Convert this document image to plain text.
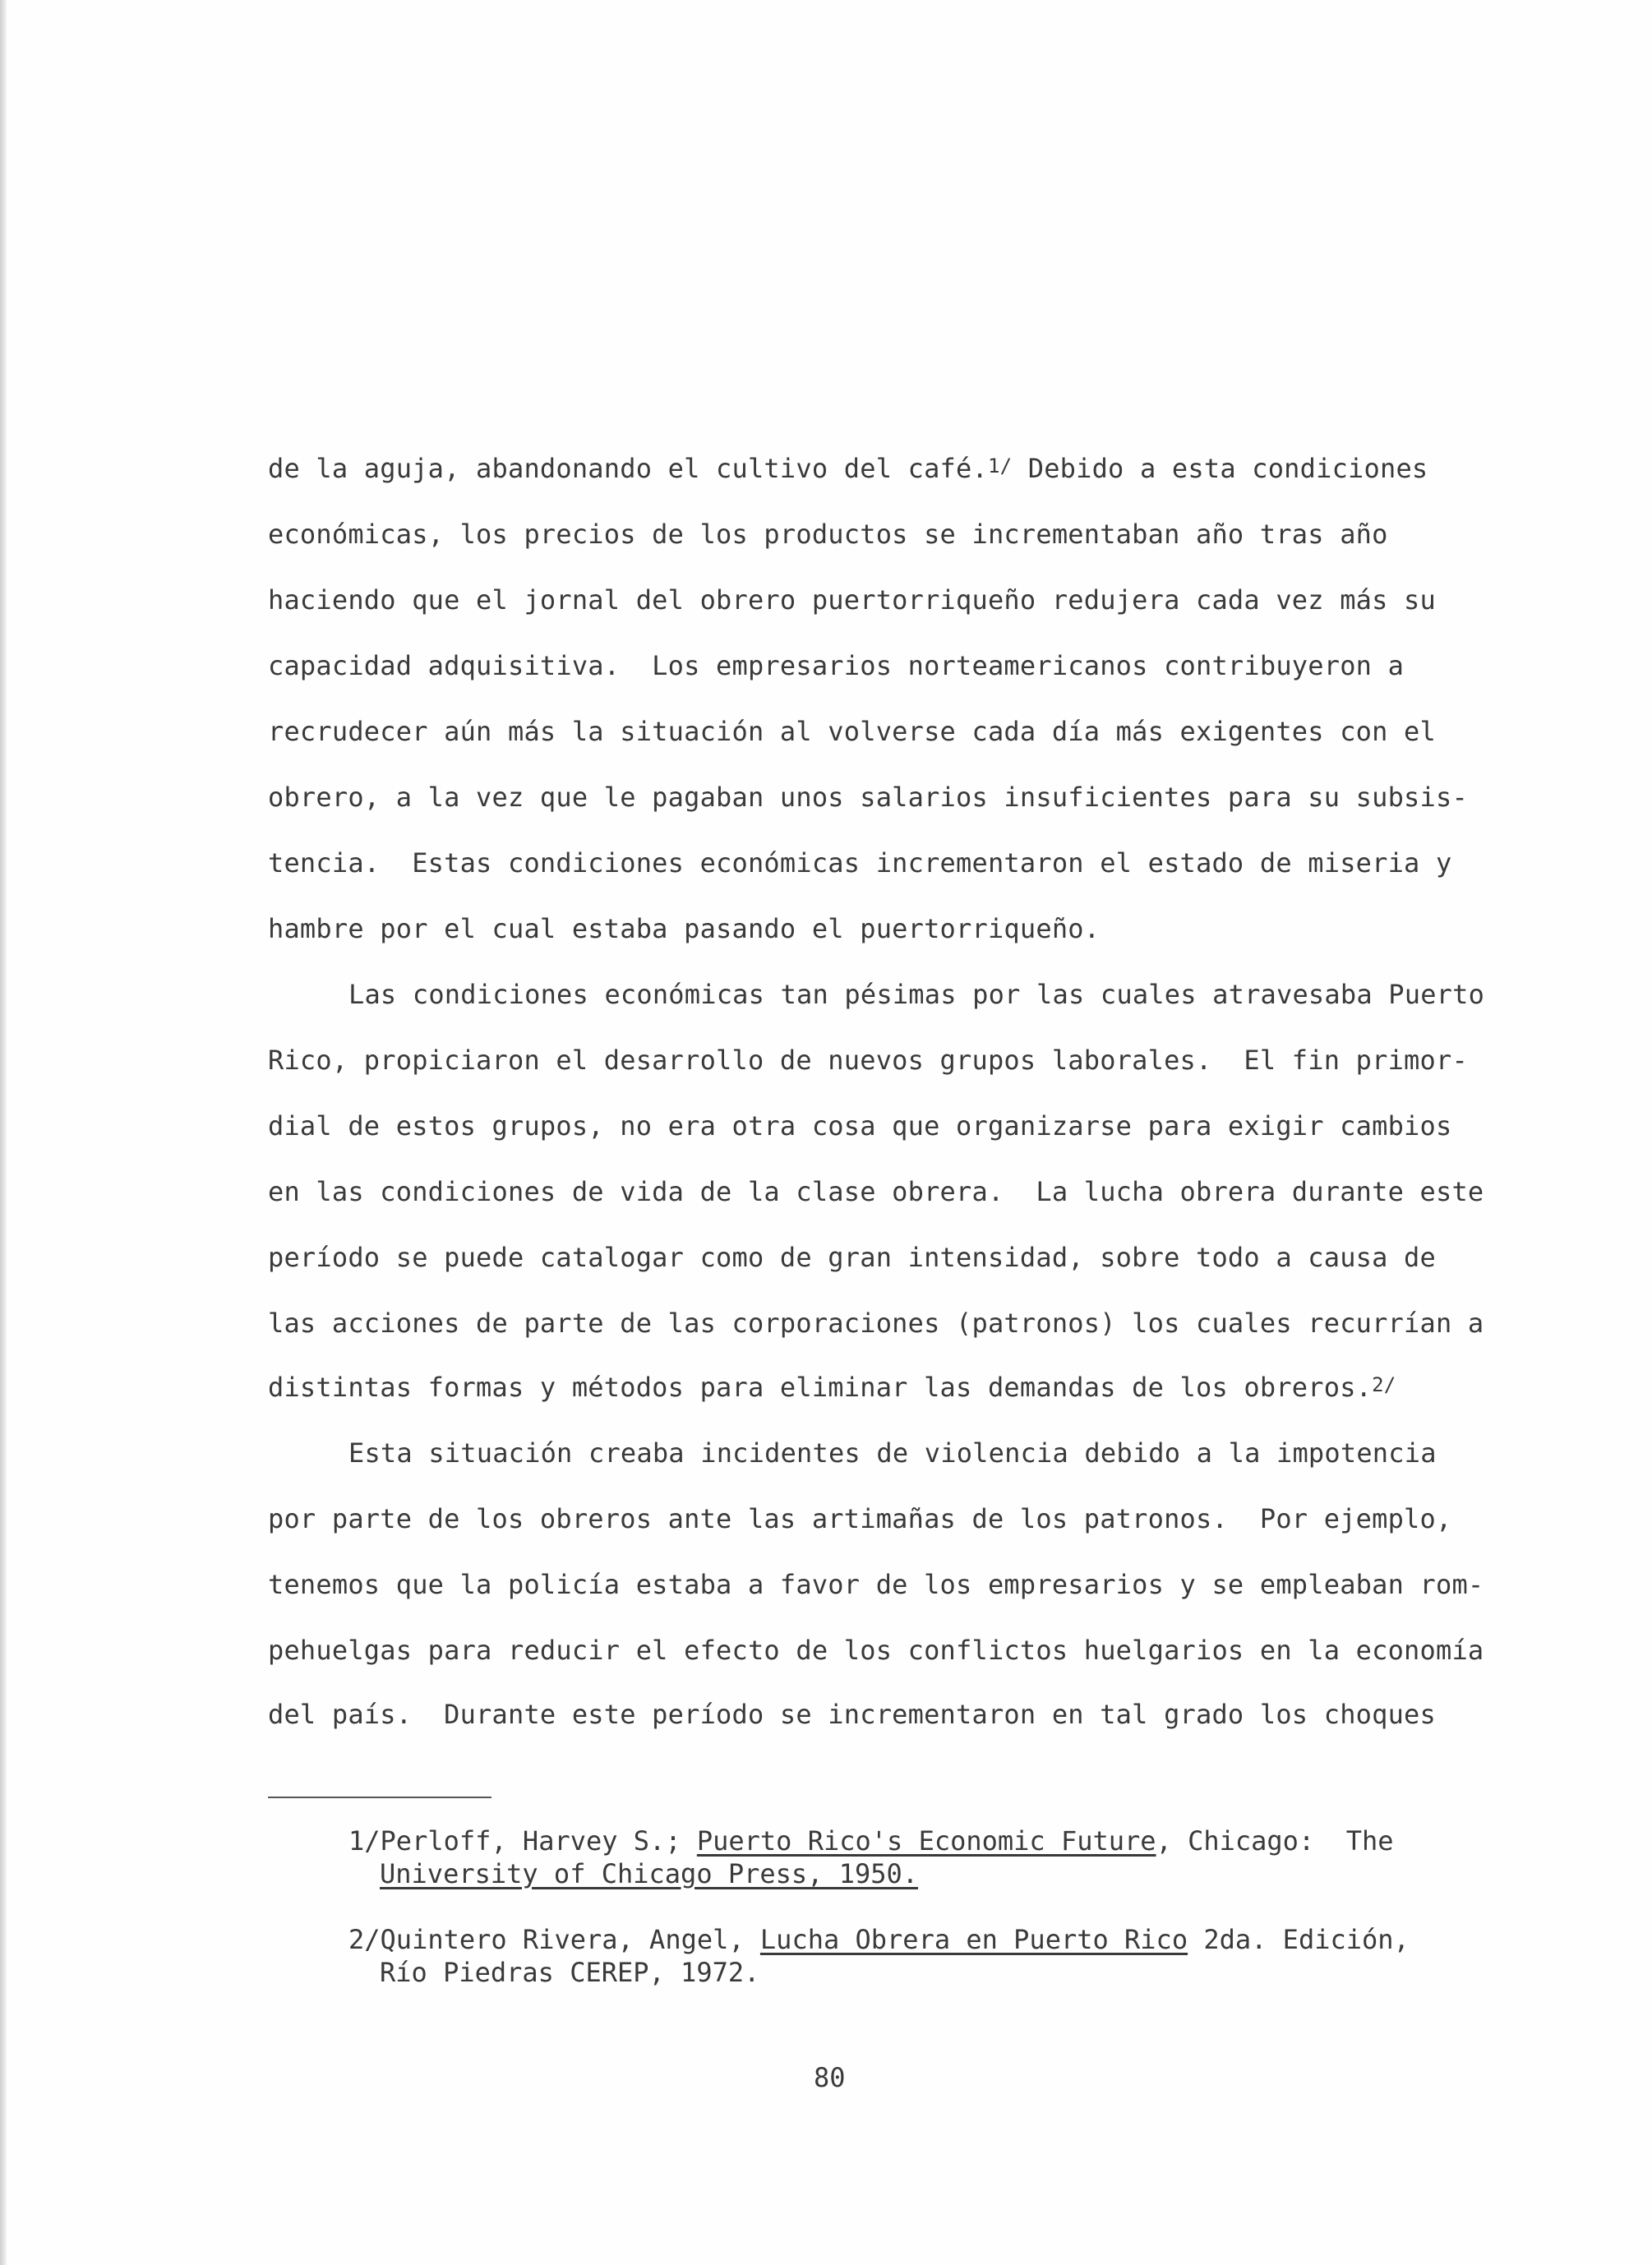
de la aguja, abandonando el cultivo del café.$^{1/}$ Debido a esta condiciones
económicas, los precios de los productos se incrementaban año tras año
haciendo que el jornal del obrero puertorriqueño redujera cada vez más su
capacidad adquisitiva.  Los empresarios norteamericanos contribuyeron a
recrudecer aún más la situación al volverse cada día más exigentes con el
obrero, a la vez que le pagaban unos salarios insuficientes para su subsis-
tencia.  Estas condiciones económicas incrementaron el estado de miseria y
hambre por el cual estaba pasando el puertorriqueño.
Las condiciones económicas tan pésimas por las cuales atravesaba Puerto
Rico, propiciaron el desarrollo de nuevos grupos laborales.  El fin primor-
dial de estos grupos, no era otra cosa que organizarse para exigir cambios
en las condiciones de vida de la clase obrera.  La lucha obrera durante este
período se puede catalogar como de gran intensidad, sobre todo a causa de
las acciones de parte de las corporaciones (patronos) los cuales recurrían a
distintas formas y métodos para eliminar las demandas de los obreros.$^{2/}$
Esta situación creaba incidentes de violencia debido a la impotencia
por parte de los obreros ante las artimañas de los patronos.  Por ejemplo,
tenemos que la policía estaba a favor de los empresarios y se empleaban rom-
pehuelgas para reducir el efecto de los conflictos huelgarios en la economía
del país.  Durante este período se incrementaron en tal grado los choques
1/Perloff, Harvey S.; Puerto Rico's Economic Future, Chicago:  The
University of Chicago Press, 1950.
2/Quintero Rivera, Angel, Lucha Obrera en Puerto Rico 2da. Edición,
Río Piedras CEREP, 1972.
80
